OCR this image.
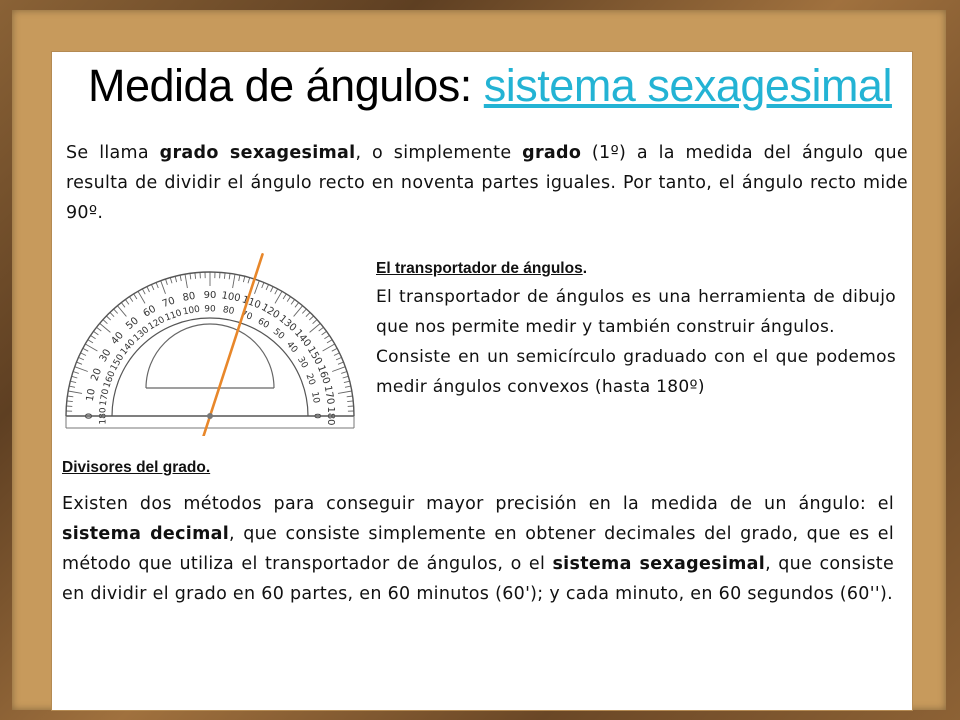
Medida de ángulos: sistema sexagesimal

Se llama grado sexagesimal, o simplemente grado (1º) a la medida del ángulo que resulta de dividir el ángulo recto en noventa partes iguales. Por tanto, el ángulo recto mide 90º.

0
10
20
30
40
50
60
70 80 90 100 110
120
130
140
150
160
170
180
180
170
160
150
140
130
120
110
100 90 80 70
60
50
40
30
20
10
0
El transportador de ángulos.
El transportador de ángulos es una herramienta de dibujo que nos permite medir y también construir ángulos.
Consiste en un semicírculo graduado con el que podemos medir ángulos convexos (hasta 180º)
Divisores del grado.

Existen dos métodos para conseguir mayor precisión en la medida de un ángulo: el sistema decimal, que consiste simplemente en obtener decimales del grado, que es el método que utiliza el transportador de ángulos, o el sistema sexagesimal, que consiste en dividir el grado en 60 partes, en 60 minutos (60'); y cada minuto, en 60 segundos (60'').
